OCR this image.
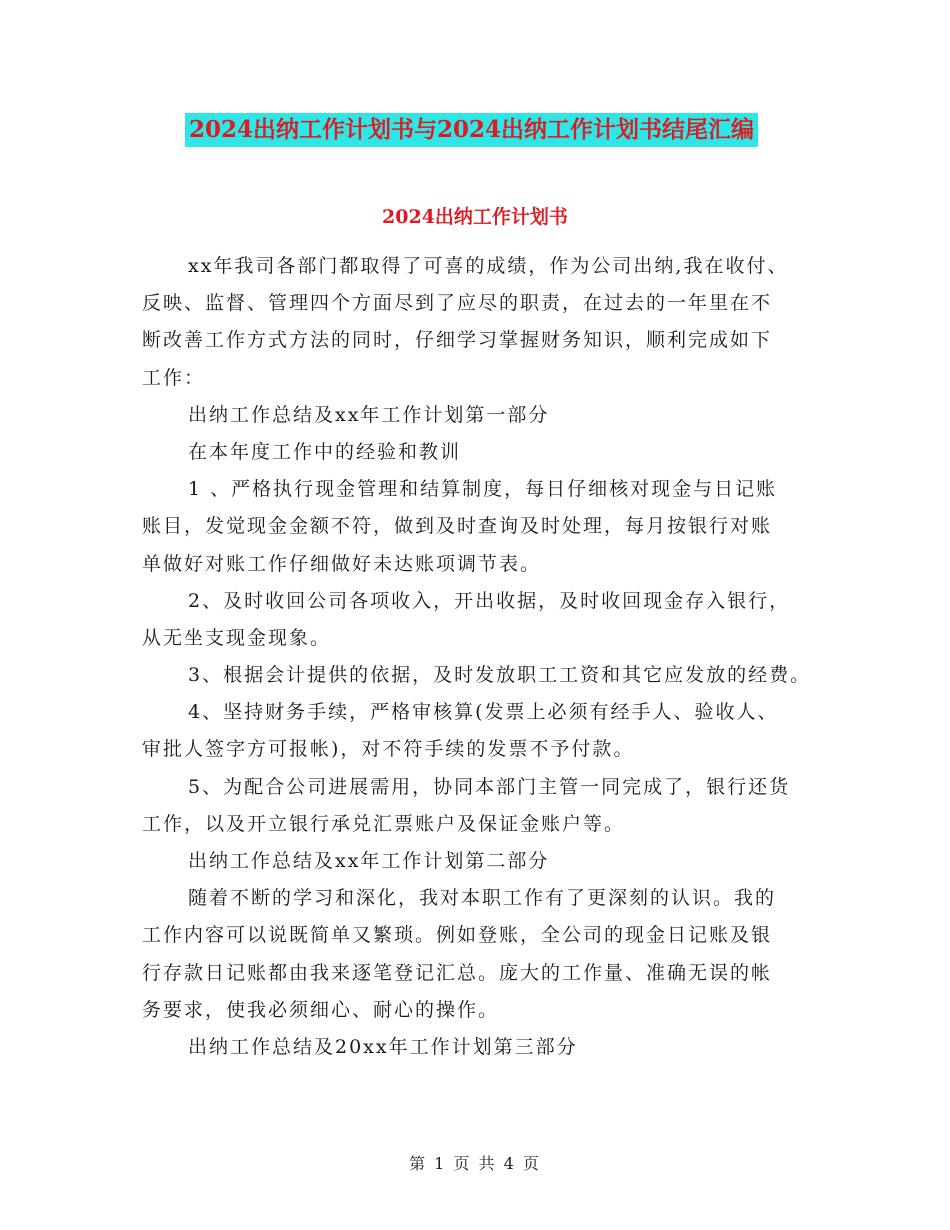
2024出纳工作计划书与2024出纳工作计划书结尾汇编
2024出纳工作计划书
xx年我司各部门都取得了可喜的成绩，作为公司出纳,我在收付、
反映、监督、管理四个方面尽到了应尽的职责，在过去的一年里在不
断改善工作方式方法的同时，仔细学习掌握财务知识，顺利完成如下
工作：
出纳工作总结及xx年工作计划第一部分
在本年度工作中的经验和教训
1 、严格执行现金管理和结算制度，每日仔细核对现金与日记账
账目，发觉现金金额不符，做到及时查询及时处理，每月按银行对账
单做好对账工作仔细做好未达账项调节表。
2、及时收回公司各项收入，开出收据，及时收回现金存入银行，
从无坐支现金现象。
3、根据会计提供的依据，及时发放职工工资和其它应发放的经费。
4、坚持财务手续，严格审核算(发票上必须有经手人、验收人、
审批人签字方可报帐)，对不符手续的发票不予付款。
5、为配合公司进展需用，协同本部门主管一同完成了，银行还货
工作，以及开立银行承兑汇票账户及保证金账户等。
出纳工作总结及xx年工作计划第二部分
随着不断的学习和深化，我对本职工作有了更深刻的认识。我的
工作内容可以说既简单又繁琐。例如登账，全公司的现金日记账及银
行存款日记账都由我来逐笔登记汇总。庞大的工作量、准确无误的帐
务要求，使我必须细心、耐心的操作。
出纳工作总结及20xx年工作计划第三部分
第 1 页 共 4 页
